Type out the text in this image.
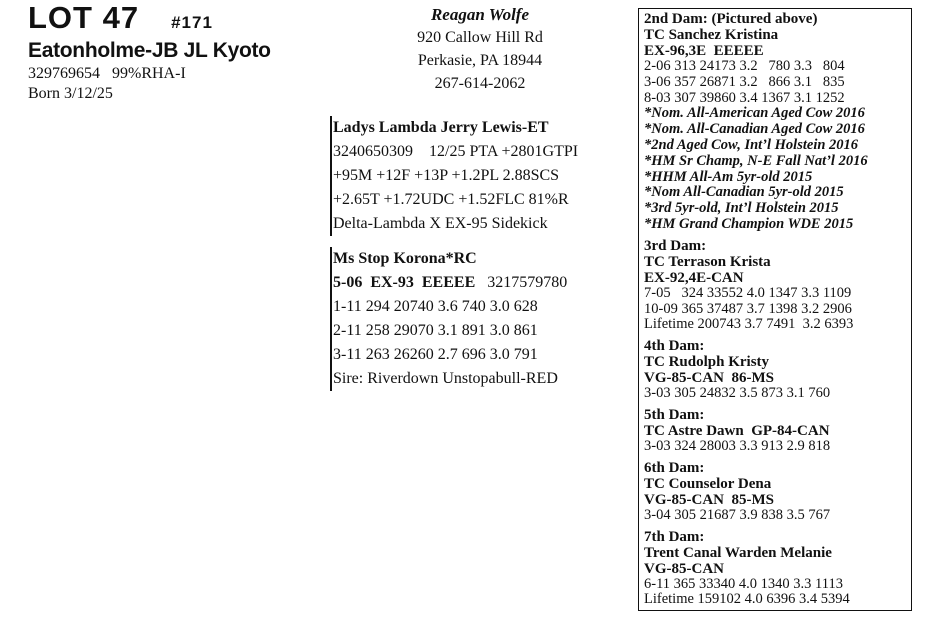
LOT 47 #171
Eatonholme-JB JL Kyoto
329769654   99%RHA-I
Born 3/12/25
Reagan Wolfe
920 Callow Hill Rd
Perkasie, PA 18944
267-614-2062
Ladys Lambda Jerry Lewis-ET
3240650309    12/25 PTA +2801GTPI
+95M +12F +13P +1.2PL 2.88SCS
+2.65T +1.72UDC +1.52FLC 81%R
Delta-Lambda X EX-95 Sidekick
Ms Stop Korona*RC
5-06  EX-93  EEEEE 3217579780
1-11 294 20740 3.6 740 3.0 628
2-11 258 29070 3.1 891 3.0 861
3-11 263 26260 2.7 696 3.0 791
Sire: Riverdown Unstopabull-RED
2nd Dam: (Pictured above)
TC Sanchez Kristina
EX-96,3E  EEEEE
2-06 313 24173 3.2   780 3.3   804
3-06 357 26871 3.2   866 3.1   835
8-03 307 39860 3.4 1367 3.1 1252
*Nom. All-American Aged Cow 2016
*Nom. All-Canadian Aged Cow 2016
*2nd Aged Cow, Int’l Holstein 2016
*HM Sr Champ, N-E Fall Nat’l 2016
*HHM All-Am 5yr-old 2015
*Nom All-Canadian 5yr-old 2015
*3rd 5yr-old, Int’l Holstein 2015
*HM Grand Champion WDE 2015
3rd Dam:
TC Terrason Krista
EX-92,4E-CAN
7-05   324 33552 4.0 1347 3.3 1109
10-09 365 37487 3.7 1398 3.2 2906
Lifetime 200743 3.7 7491  3.2 6393
4th Dam:
TC Rudolph Kristy
VG-85-CAN  86-MS
3-03 305 24832 3.5 873 3.1 760
5th Dam:
TC Astre Dawn  GP-84-CAN
3-03 324 28003 3.3 913 2.9 818
6th Dam:
TC Counselor Dena
VG-85-CAN  85-MS
3-04 305 21687 3.9 838 3.5 767
7th Dam:
Trent Canal Warden Melanie
VG-85-CAN
6-11 365 33340 4.0 1340 3.3 1113
Lifetime 159102 4.0 6396 3.4 5394
